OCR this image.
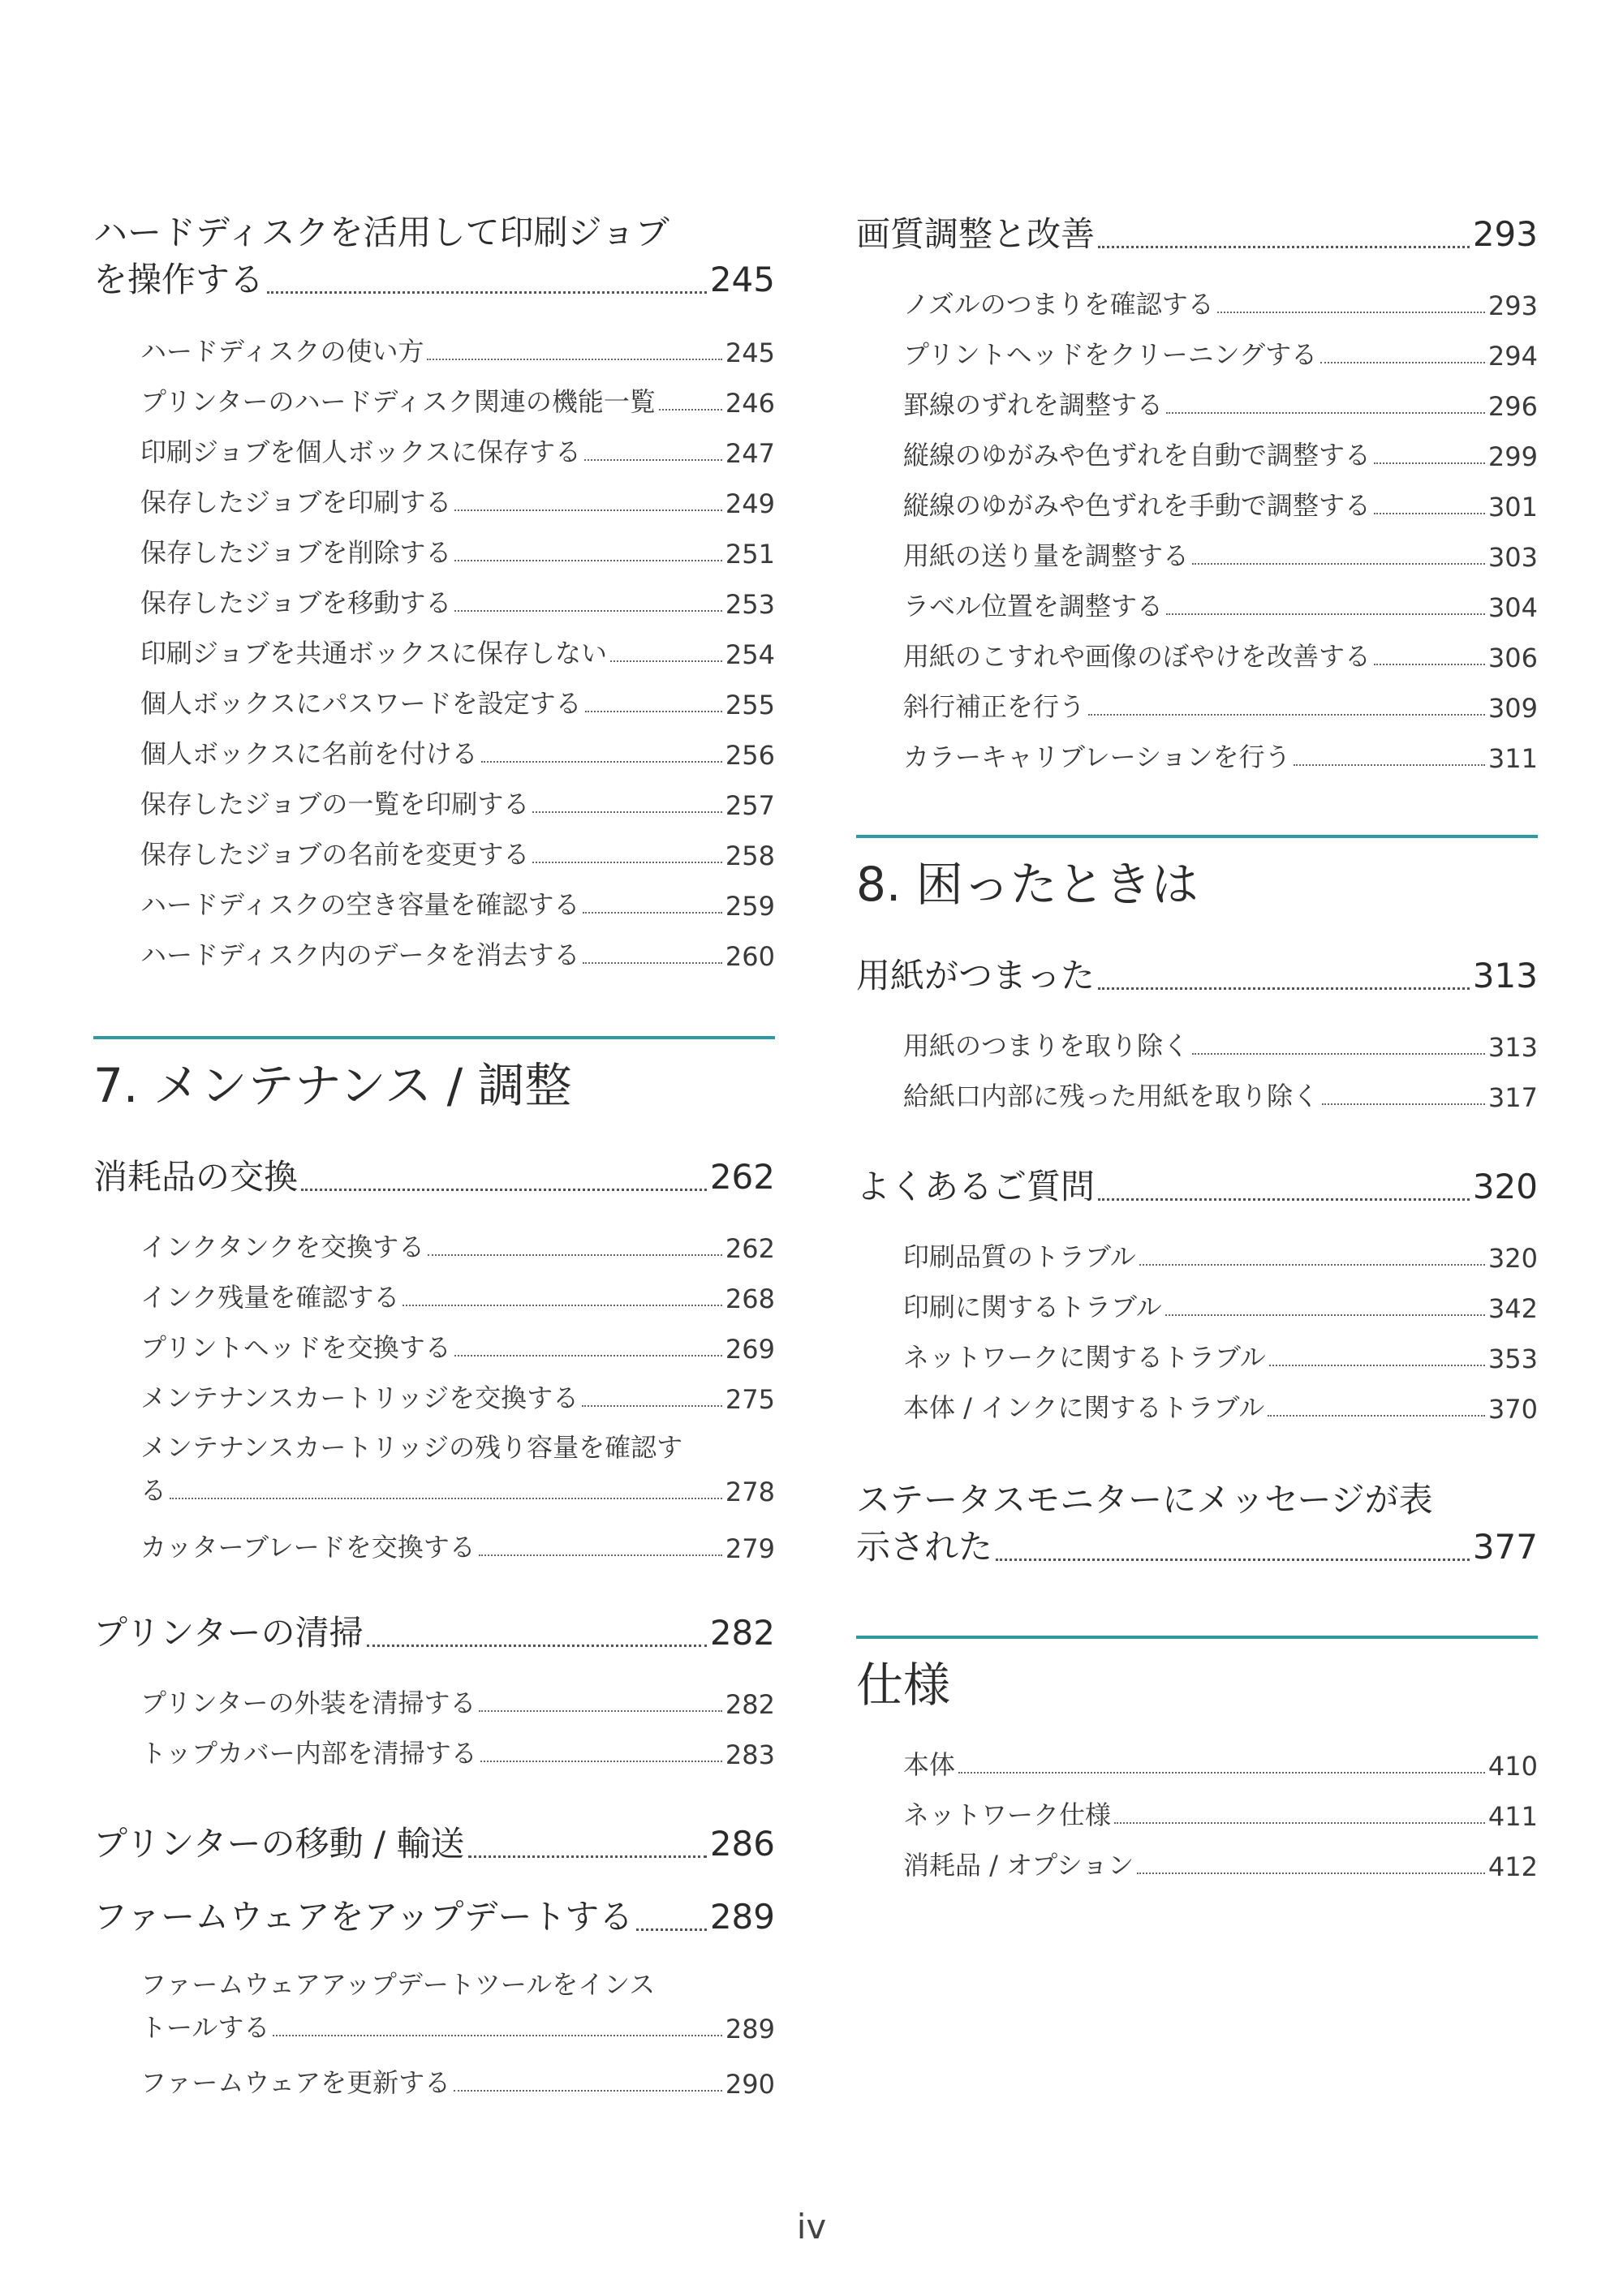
ハードディスクを活用して印刷ジョブ
を操作する	245
ハードディスクの使い方	245
プリンターのハードディスク関連の機能一覧	246
印刷ジョブを個人ボックスに保存する	247
保存したジョブを印刷する	249
保存したジョブを削除する	251
保存したジョブを移動する	253
印刷ジョブを共通ボックスに保存しない	254
個人ボックスにパスワードを設定する	255
個人ボックスに名前を付ける	256
保存したジョブの一覧を印刷する	257
保存したジョブの名前を変更する	258
ハードディスクの空き容量を確認する	259
ハードディスク内のデータを消去する	260
7. メンテナンス / 調整
消耗品の交換	262
インクタンクを交換する	262
インク残量を確認する	268
プリントヘッドを交換する	269
メンテナンスカートリッジを交換する	275
メンテナンスカートリッジの残り容量を確認す
る	278
カッターブレードを交換する	279
プリンターの清掃	282
プリンターの外装を清掃する	282
トップカバー内部を清掃する	283
プリンターの移動 / 輸送	286
ファームウェアをアップデートする 289
ファームウェアアップデートツールをインス
トールする	289
ファームウェアを更新する	290
画質調整と改善	293
ノズルのつまりを確認する	293
プリントヘッドをクリーニングする	294
罫線のずれを調整する	296
縦線のゆがみや色ずれを自動で調整する	299
縦線のゆがみや色ずれを手動で調整する	301
用紙の送り量を調整する	303
ラベル位置を調整する	304
用紙のこすれや画像のぼやけを改善する	306
斜行補正を行う	309
カラーキャリブレーションを行う	311
8. 困ったときは
用紙がつまった	313
用紙のつまりを取り除く	313
給紙口内部に残った用紙を取り除く	317
よくあるご質問	320
印刷品質のトラブル	320
印刷に関するトラブル	342
ネットワークに関するトラブル	353
本体 / インクに関するトラブル	370
ステータスモニターにメッセージが表
示された	377
仕様
本体	410
ネットワーク仕様	411
消耗品 / オプション	412
iv
